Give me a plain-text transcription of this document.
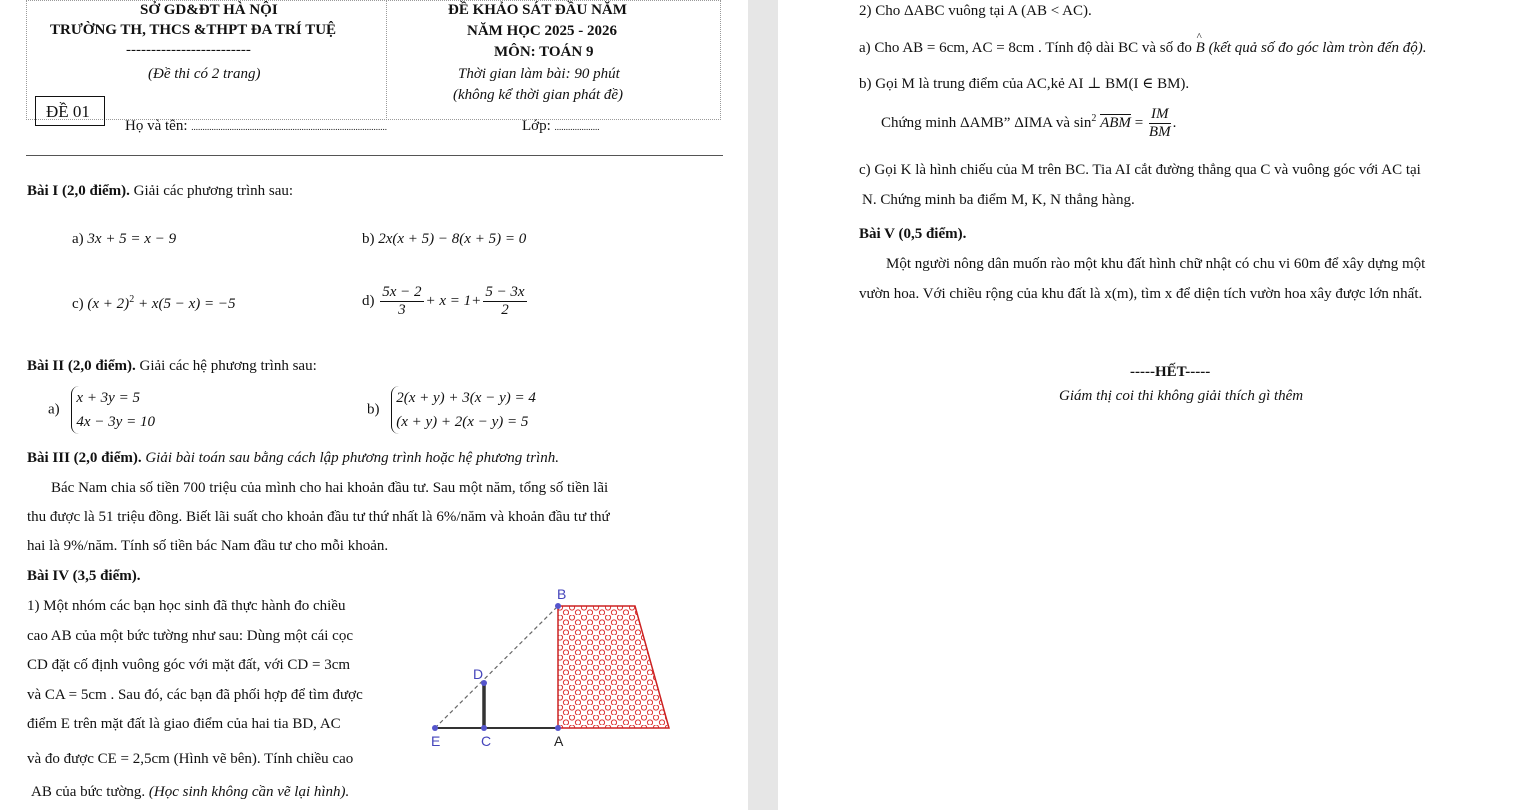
SỞ GD&ĐT HÀ NỘI
TRƯỜNG TH, THCS &THPT ĐA TRÍ TUỆ
-------------------------
(Đề thi có 2 trang)
ĐỀ KHẢO SÁT ĐẦU NĂM
NĂM HỌC 2025 - 2026
MÔN: TOÁN 9
Thời gian làm bài: 90 phút
(không kể thời gian phát đề)
ĐỀ 01
Họ và tên: .......................................................................................	Lớp: ....................
Bài I (2,0 điểm). Giải các phương trình sau:
a) 3x + 5 = x − 9	b) 2x(x + 5) − 8(x + 5) = 0
c) $(x + 2)^2 + x(5 - x) = -5$	$d) \frac{5x - 2}{3} + x = 1+ \frac{5 - 3x}{2}$
Bài II (2,0 điểm). Giải các hệ phương trình sau:
a) x + 3y = 5
4x − 3y = 10
b) 2(x + y) + 3(x − y) = 4
(x + y) + 2(x − y) = 5
Bài III (2,0 điểm). Giải bài toán sau bằng cách lập phương trình hoặc hệ phương trình.
Bác Nam chia số tiền 700 triệu của mình cho hai khoản đầu tư. Sau một năm, tổng số tiền lãi
thu được là 51 triệu đồng. Biết lãi suất cho khoản đầu tư thứ nhất là 6%/năm và khoản đầu tư thứ
hai là 9%/năm. Tính số tiền bác Nam đầu tư cho mỗi khoản.
Bài IV (3,5 điểm).
1) Một nhóm các bạn học sinh đã thực hành đo chiều
cao AB của một bức tường như sau: Dùng một cái cọc
CD đặt cố định vuông góc với mặt đất, với CD = 3cm
và CA = 5cm . Sau đó, các bạn đã phối hợp để tìm được
điểm E trên mặt đất là giao điểm của hai tia BD, AC
và đo được CE = 2,5cm (Hình vẽ bên). Tính chiều cao
AB của bức tường. (Học sinh không cần vẽ lại hình).
B
D
E	C	A
2) Cho ΔABC vuông tại A (AB < AC).
a) Cho AB = 6cm, AC = 8cm . Tính độ dài BC và số đo B
^
(kết quả số đo góc làm tròn đến độ).
b) Gọi M là trung điểm của AC,kẻ AI ⊥ BM(I ∈ BM).
Chứng minh ΔAMB” ΔIMA và $\sin^2$ ABM = $\frac{IM}{BM}$ .
c) Gọi K là hình chiếu của M trên BC. Tia AI cắt đường thẳng qua C và vuông góc với AC tại
N. Chứng minh ba điểm M, K, N thẳng hàng.
Bài V (0,5 điểm).
Một người nông dân muốn rào một khu đất hình chữ nhật có chu vi 60m để xây dựng một
vườn hoa. Với chiều rộng của khu đất là x(m), tìm x để diện tích vườn hoa xây được lớn nhất.
-----HẾT-----
Giám thị coi thi không giải thích gì thêm
